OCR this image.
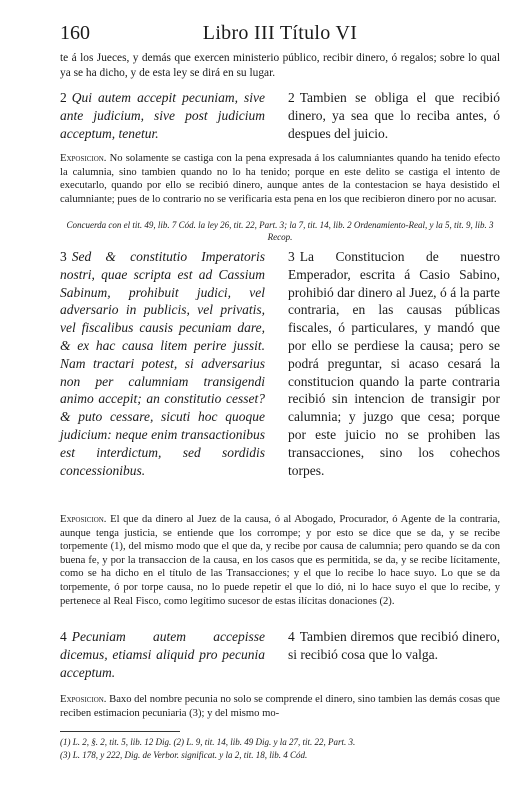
160	Libro III Título VI

te á los Jueces, y demás que exercen ministerio público, recibir dinero, ó regalos; sobre lo qual ya se ha dicho, y de esta ley se dirá en su lugar.

2 Qui autem accepit pecuniam, sive ante judicium, sive post judicium acceptum, tenetur.

2 Tambien se obliga el que recibió dinero, ya sea que lo reciba antes, ó despues del juicio.

Exposicion. No solamente se castiga con la pena expresada á los calumniantes quando ha tenido efecto la calumnia, sino tambien quando no lo ha tenido; porque en este delito se castiga el intento de executarlo, quando por ello se recibió dinero, aunque antes de la contestacion se haya desistido el calumniante; pues de lo contrario no se verificaria esta pena en los que recibieron dinero por no acusar.

Concuerda con el tit. 49, lib. 7 Cód. la ley 26, tit. 22, Part. 3; la 7, tit. 14, lib. 2 Ordenamiento-Real, y la 5, tit. 9, lib. 3 Recop.

3 Sed & constitutio Imperatoris nostri, quae scripta est ad Cassium Sabinum, prohibuit judici, vel adversario in publicis, vel privatis, vel fiscalibus causis pecuniam dare, & ex hac causa litem perire jussit. Nam tractari potest, si adversarius non per calumniam transigendi animo accepit; an constitutio cesset? & puto cessare, sicuti hoc quoque judicium: neque enim transactionibus est interdictum, sed sordidis concessionibus.

3 La Constitucion de nuestro Emperador, escrita á Casio Sabino, prohibió dar dinero al Juez, ó á la parte contraria, en las causas públicas fiscales, ó particulares, y mandó que por ello se perdiese la causa; pero se podrá preguntar, si acaso cesará la constitucion quando la parte contraria recibió sin intencion de transigir por calumnia; y juzgo que cesa; porque por este juicio no se prohiben las transacciones, sino los cohechos torpes.

Exposicion. El que da dinero al Juez de la causa, ó al Abogado, Procurador, ó Agente de la contraria, aunque tenga justicia, se entiende que los corrompe; y por esto se dice que se da, y se recibe torpemente (1), del mismo modo que el que da, y recibe por causa de calumnia; pero quando se da con buena fe, y por la transaccion de la causa, en los casos que es permitida, se da, y se recibe lícitamente, como se ha dicho en el título de las Transacciones; y el que lo recibe lo hace suyo. Lo que se da torpemente, ó por torpe causa, no lo puede repetir el que lo dió, ni lo hace suyo el que lo recibe, y pertenece al Real Fisco, como legítimo sucesor de estas ilícitas donaciones (2).

4 Pecuniam autem accepisse dicemus, etiamsi aliquid pro pecunia acceptum.

4 Tambien diremos que recibió dinero, si recibió cosa que lo valga.

Exposicion. Baxo del nombre pecunia no solo se comprende el dinero, sino tambien las demás cosas que reciben estimacion pecuniaria (3); y del mismo mo-

(1) L. 2, §. 2, tit. 5, lib. 12 Dig. (2) L. 9, tit. 14, lib. 49 Dig. y la 27, tit. 22, Part. 3.

(3) L. 178, y 222, Dig. de Verbor. significat. y la 2, tit. 18, lib. 4 Cód.
